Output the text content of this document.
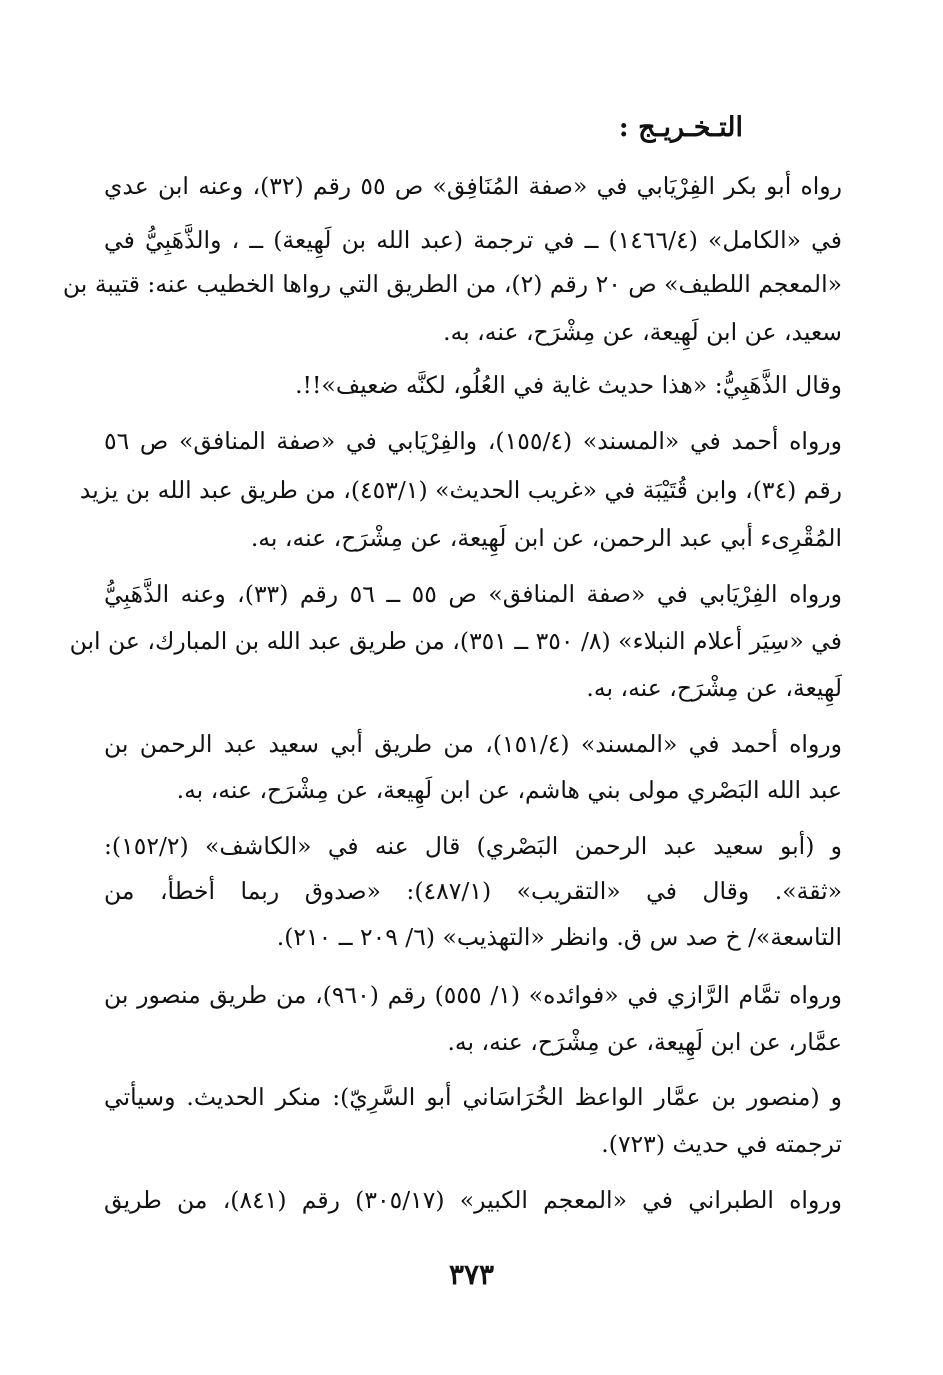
التـخـريـج :
رواه أبو بكر الفِرْيَابي في «صفة المُنَافِق» ص ٥٥ رقم (٣٢)، وعنه ابن عدي
في «الكامل» (١٤٦٦/٤) ــ في ترجمة (عبد الله بن لَهِيعة) ــ ، والذَّهَبِيُّ في
«المعجم اللطيف» ص ٢٠ رقم (٢)، من الطريق التي رواها الخطيب عنه: قتيبة بن
سعيد، عن ابن لَهِيعة، عن مِشْرَح، عنه، به.
وقال الذَّهَبِيُّ: «هذا حديث غاية في العُلُو، لكنَّه ضعيف»!!.
ورواه أحمد في «المسند» (١٥٥/٤)، والفِرْيَابي في «صفة المنافق» ص ٥٦
رقم (٣٤)، وابن قُتَيْبَة في «غريب الحديث» (٤٥٣/١)، من طريق عبد الله بن يزيد
المُقْرِىء أبي عبد الرحمن، عن ابن لَهِيعة، عن مِشْرَح، عنه، به.
ورواه الفِرْيَابي في «صفة المنافق» ص ٥٥ ــ ٥٦ رقم (٣٣)، وعنه الذَّهَبِيُّ
في «سِيَر أعلام النبلاء» (٨/ ٣٥٠ ــ ٣٥١)، من طريق عبد الله بن المبارك، عن ابن
لَهِيعة، عن مِشْرَح، عنه، به.
ورواه أحمد في «المسند» (١٥١/٤)، من طريق أبي سعيد عبد الرحمن بن
عبد الله البَصْري مولى بني هاشم، عن ابن لَهِيعة، عن مِشْرَح، عنه، به.
و (أبو سعيد عبد الرحمن البَصْري) قال عنه في «الكاشف» (١٥٢/٢):
«ثقة». وقال في «التقريب» (٤٨٧/١): «صدوق ربما أخطأ، من
التاسعة»/ خ صد س ق. وانظر «التهذيب» (٦/ ٢٠٩ ــ ٢١٠).
ورواه تمَّام الرَّازي في «فوائده» (١/ ٥٥٥) رقم (٩٦٠)، من طريق منصور بن
عمَّار، عن ابن لَهِيعة، عن مِشْرَح، عنه، به.
و (منصور بن عمَّار الواعظ الخُرَاسَاني أبو السَّرِيّ): منكر الحديث. وسيأتي
ترجمته في حديث (٧٢٣).
ورواه الطبراني في «المعجم الكبير» (٣٠٥/١٧) رقم (٨٤١)، من طريق
٣٧٣
